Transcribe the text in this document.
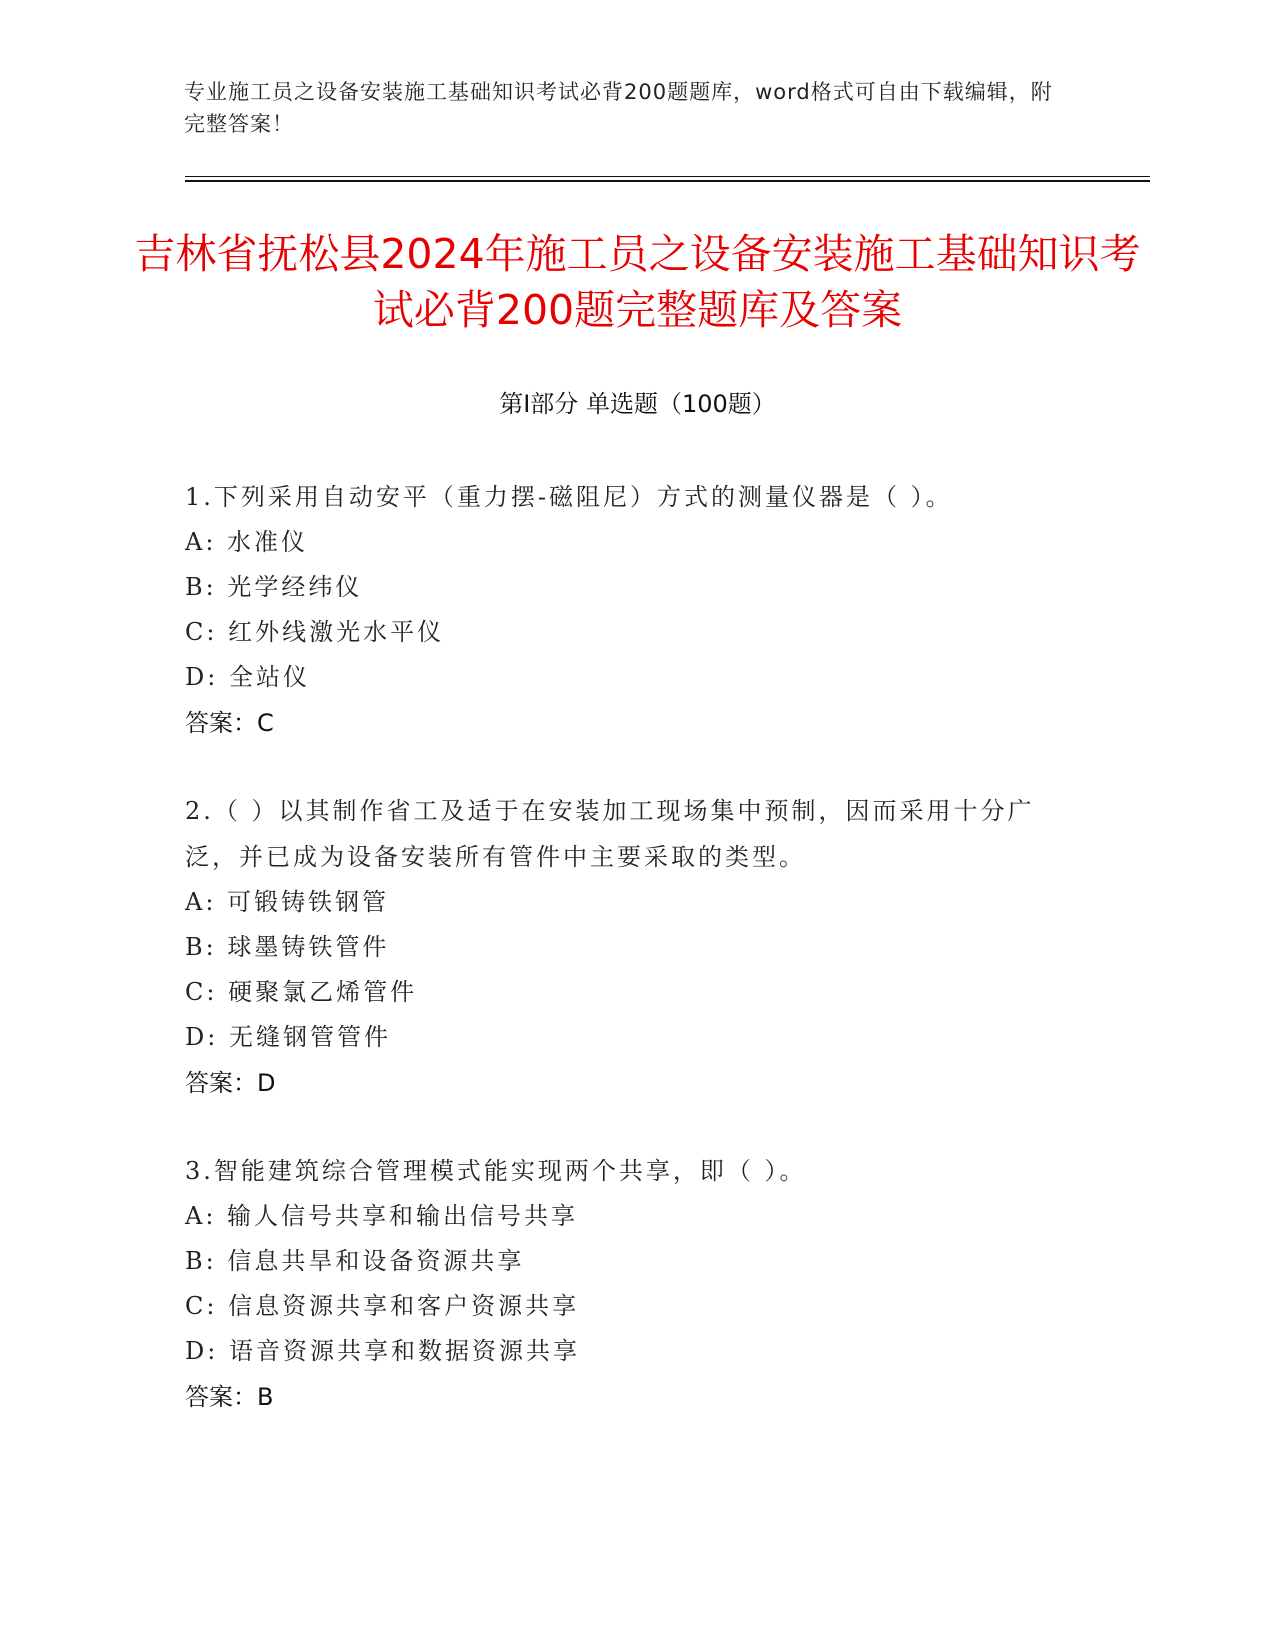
专业施工员之设备安装施工基础知识考试必背200题题库，word格式可自由下载编辑，附完整答案！
吉林省抚松县2024年施工员之设备安装施工基础知识考试必背200题完整题库及答案
第Ⅰ部分 单选题（100题）

1.下列采用自动安平（重力摆-磁阻尼）方式的测量仪器是（ ）。

A: 水准仪

B: 光学经纬仪

C: 红外线激光水平仪

D: 全站仪

答案：C

2.（ ）以其制作省工及适于在安装加工现场集中预制，因而采用十分广泛，并已成为设备安装所有管件中主要采取的类型。

A: 可锻铸铁钢管

B: 球墨铸铁管件

C: 硬聚氯乙烯管件

D: 无缝钢管管件

答案：D

3.智能建筑综合管理模式能实现两个共享，即（ ）。

A: 输人信号共享和输出信号共享

B: 信息共旱和设备资源共享

C: 信息资源共享和客户资源共享

D: 语音资源共享和数据资源共享

答案：B
